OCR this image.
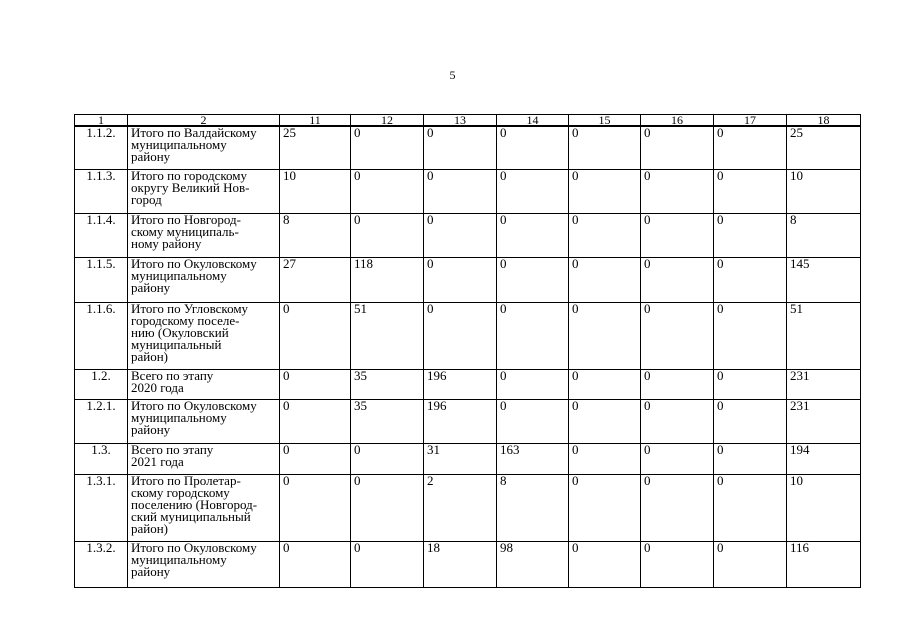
5
1	2	11	12	13	14	15	16	17	18
1.1.2.	Итого по Валдайскому
муниципальному
району	25	0	0	0	0	0	0	25
1.1.3.	Итого по городскому
округу Великий Нов-
город	10	0	0	0	0	0	0	10
1.1.4.	Итого по Новгород-
скому муниципаль-
ному району	8	0	0	0	0	0	0	8
1.1.5.	Итого по Окуловскому
муниципальному
району	27	118	0	0	0	0	0	145
1.1.6.	Итого по Угловскому
городскому поселе-
нию (Окуловский
муниципальный
район)	0	51	0	0	0	0	0	51
1.2.	Всего по этапу
2020 года	0	35	196	0	0	0	0	231
1.2.1.	Итого по Окуловскому
муниципальному
району	0	35	196	0	0	0	0	231
1.3.	Всего по этапу
2021 года	0	0	31	163	0	0	0	194
1.3.1.	Итого по Пролетар-
скому городскому
поселению (Новгород-
ский муниципальный
район)	0	0	2	8	0	0	0	10
1.3.2.	Итого по Окуловскому
муниципальному
району	0	0	18	98	0	0	0	116
